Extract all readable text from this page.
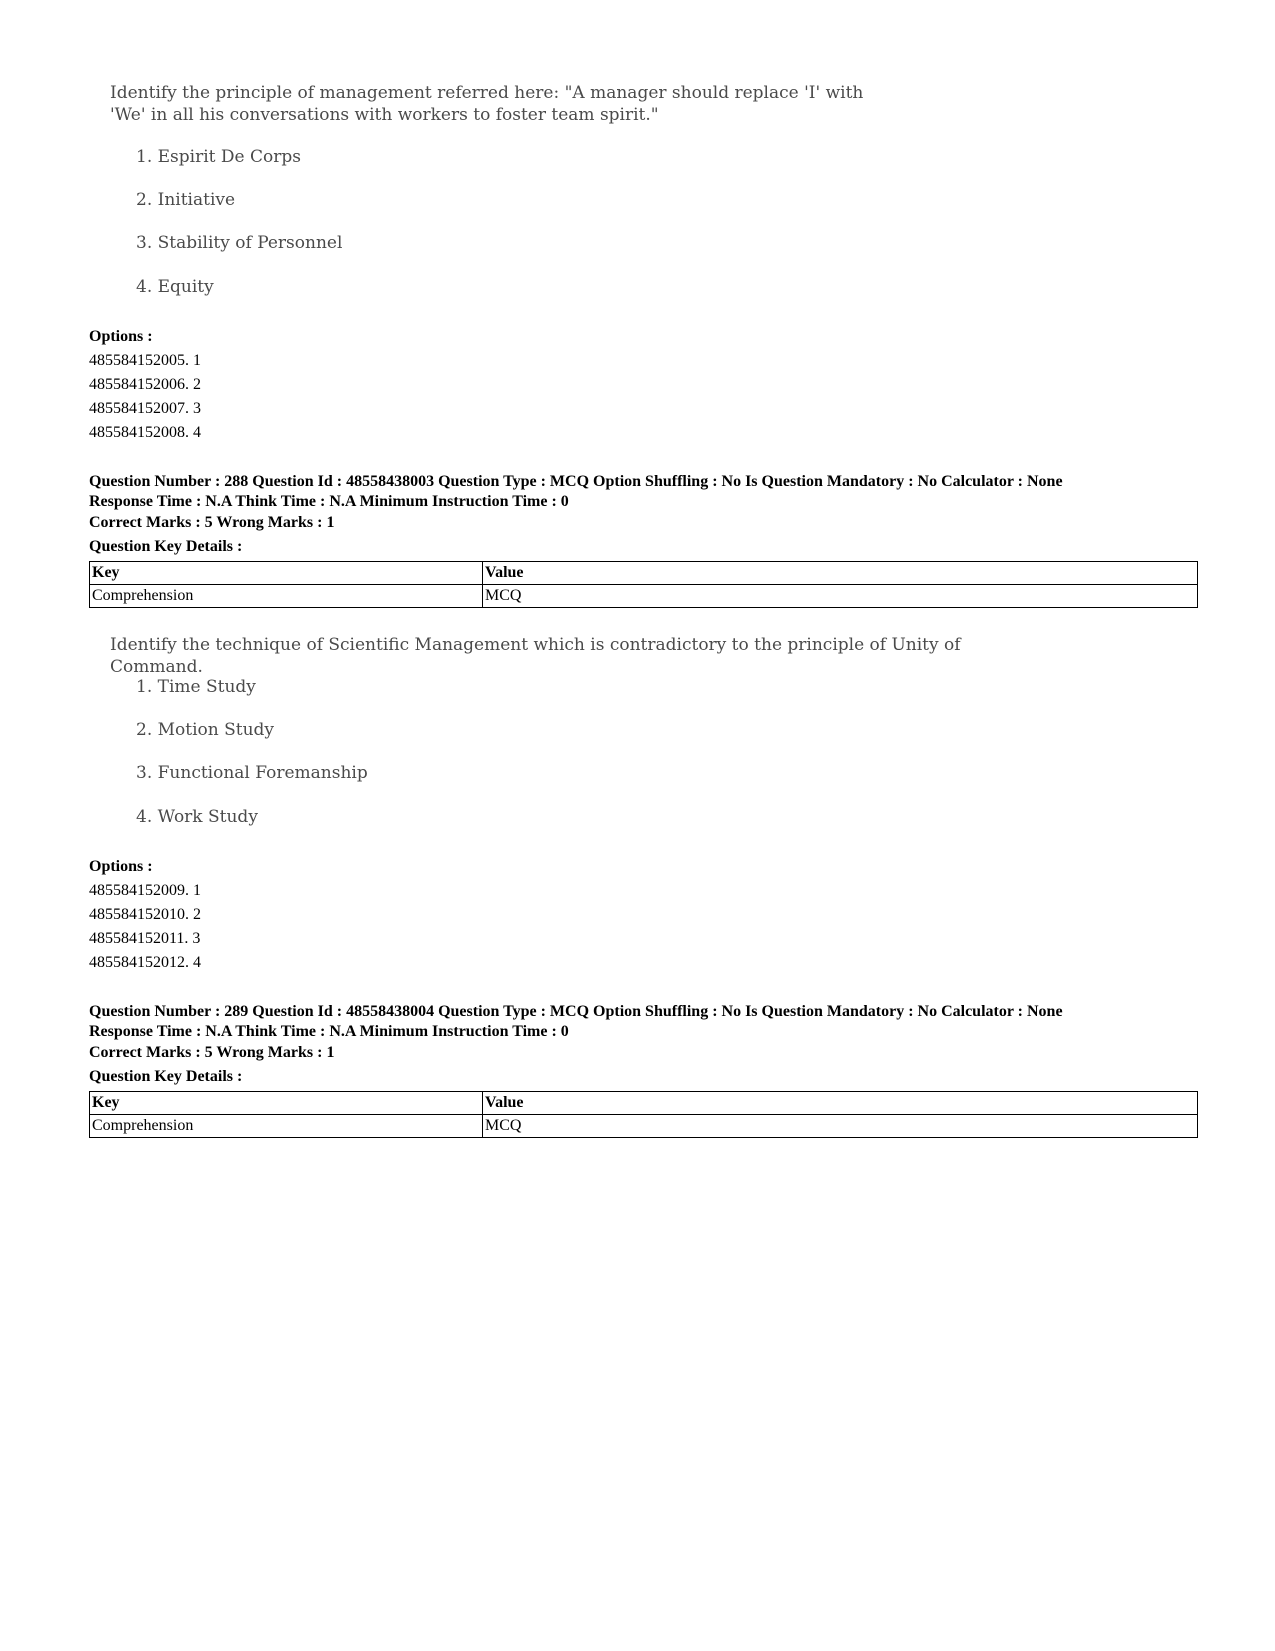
Identify the principle of management referred here: "A manager should replace 'I' with 'We' in all his conversations with workers to foster team spirit."

1. Espirit De Corps
2. Initiative
3. Stability of Personnel
4. Equity
Options :
485584152005. 1
485584152006. 2
485584152007. 3
485584152008. 4
Question Number : 288 Question Id : 48558438003 Question Type : MCQ Option Shuffling : No Is Question Mandatory : No Calculator : None
Response Time : N.A Think Time : N.A Minimum Instruction Time : 0
Correct Marks : 5 Wrong Marks : 1
Question Key Details :
Key	Value
Comprehension	MCQ

Identify the technique of Scientific Management which is contradictory to the principle of Unity of Command.

1. Time Study
2. Motion Study
3. Functional Foremanship
4. Work Study
Options :
485584152009. 1
485584152010. 2
485584152011. 3
485584152012. 4
Question Number : 289 Question Id : 48558438004 Question Type : MCQ Option Shuffling : No Is Question Mandatory : No Calculator : None
Response Time : N.A Think Time : N.A Minimum Instruction Time : 0
Correct Marks : 5 Wrong Marks : 1
Question Key Details :
Key	Value
Comprehension	MCQ
